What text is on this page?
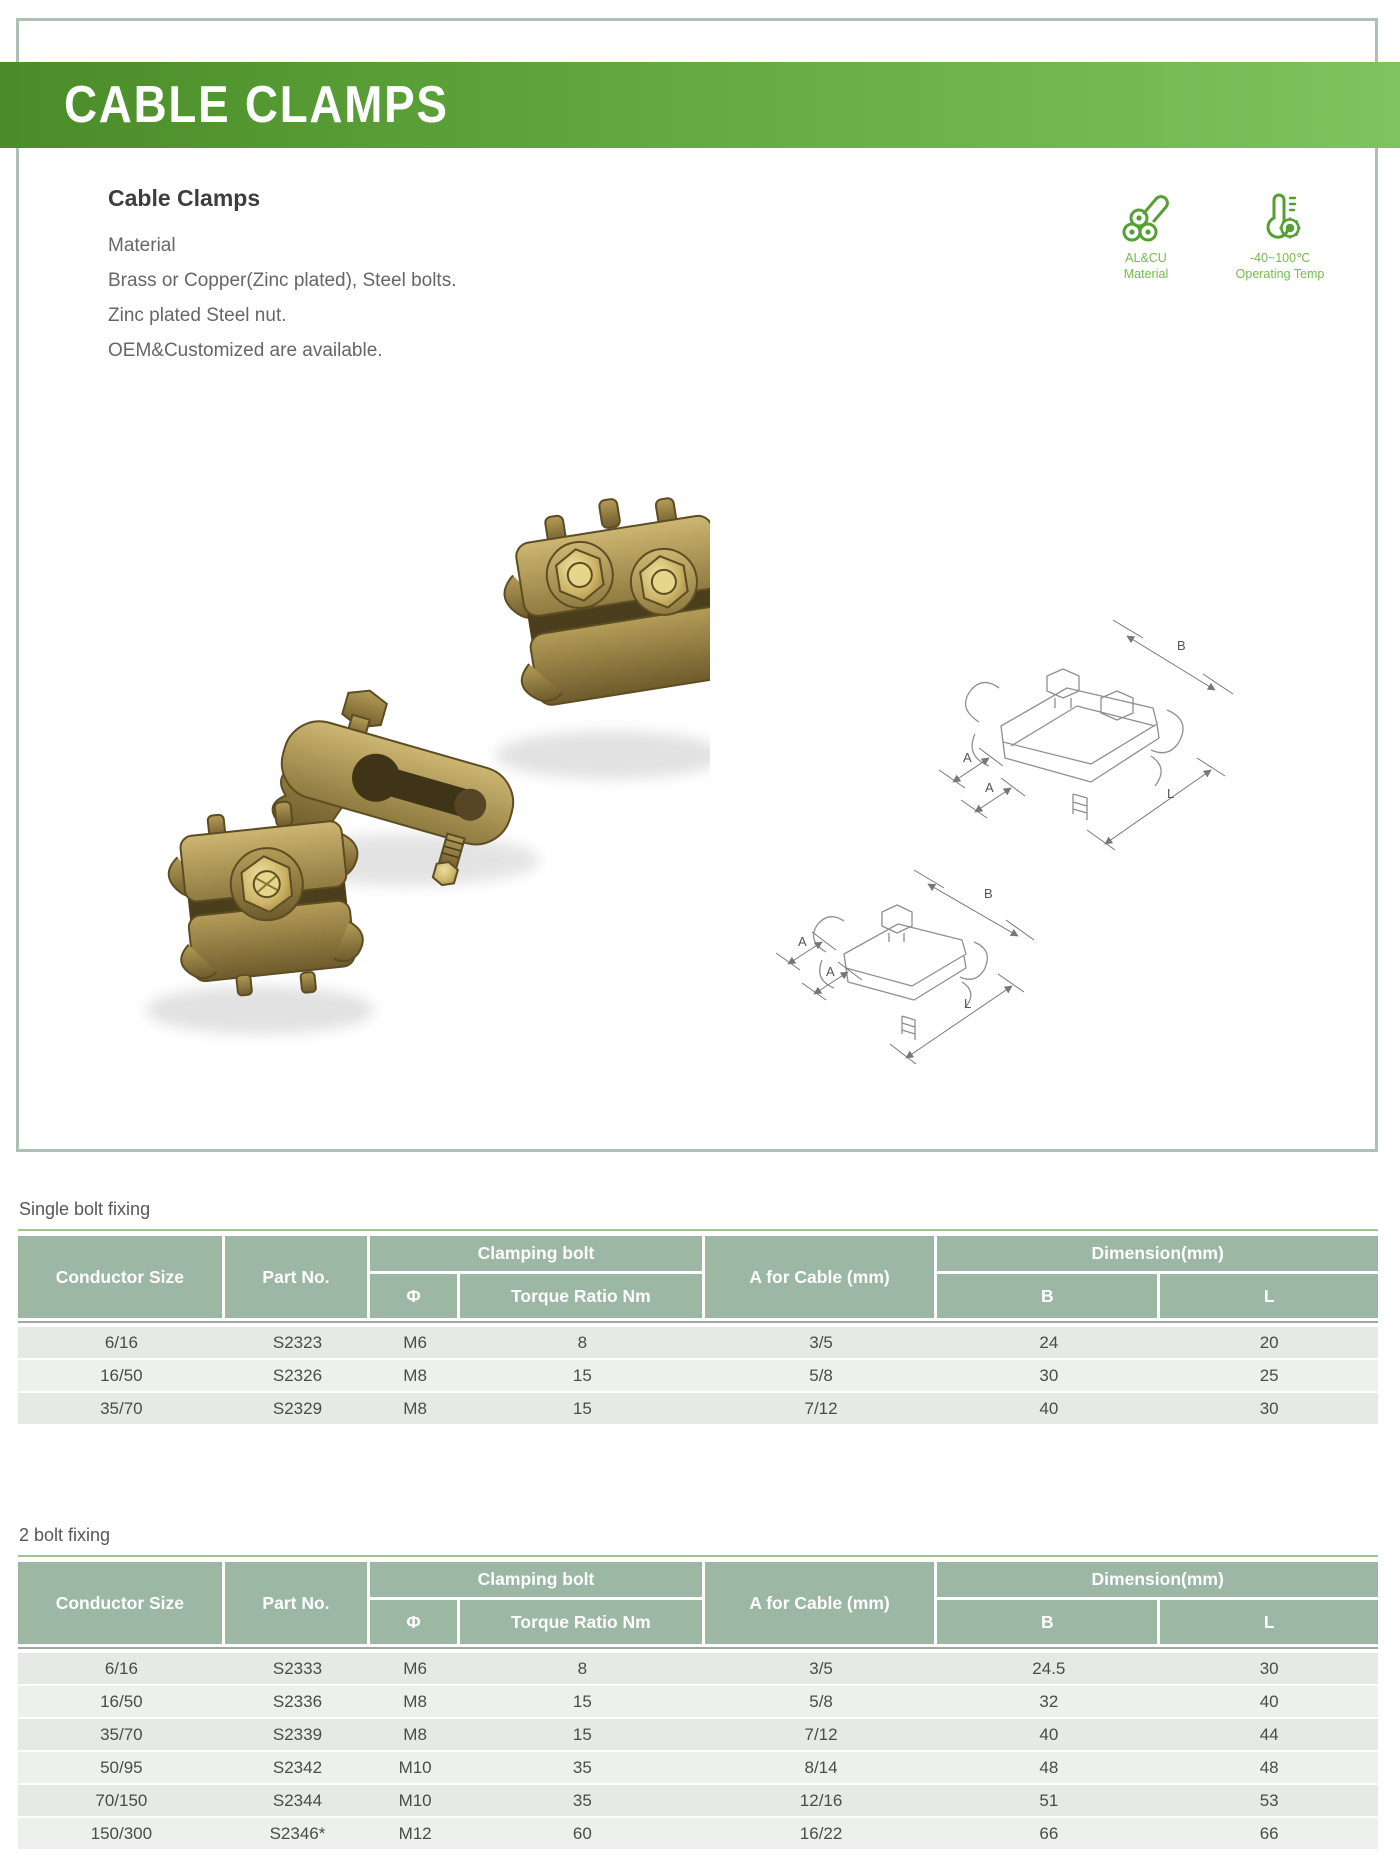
CABLE CLAMPS
Cable Clamps
Material
Brass or Copper(Zinc plated), Steel bolts.
Zinc plated Steel nut.
OEM&Customized are available.
AL&CU
Material
-40~100℃
Operating Temp
B
L
A
A
B
A
A
L
Single bolt fixing
Conductor Size	Part No.	Clamping bolt		A for Cable (mm)	Dimension(mm)	
		Φ	Torque Ratio Nm		B	L

6/16	S2323	M6	8	3/5	24	20
16/50	S2326	M8	15	5/8	30	25
35/70	S2329	M8	15	7/12	40	30
2 bolt fixing
Conductor Size	Part No.	Clamping bolt		A for Cable (mm)	Dimension(mm)	
		Φ	Torque Ratio Nm		B	L

6/16	S2333	M6	8	3/5	24.5	30
16/50	S2336	M8	15	5/8	32	40
35/70	S2339	M8	15	7/12	40	44
50/95	S2342	M10	35	8/14	48	48
70/150	S2344	M10	35	12/16	51	53
150/300	S2346*	M12	60	16/22	66	66
